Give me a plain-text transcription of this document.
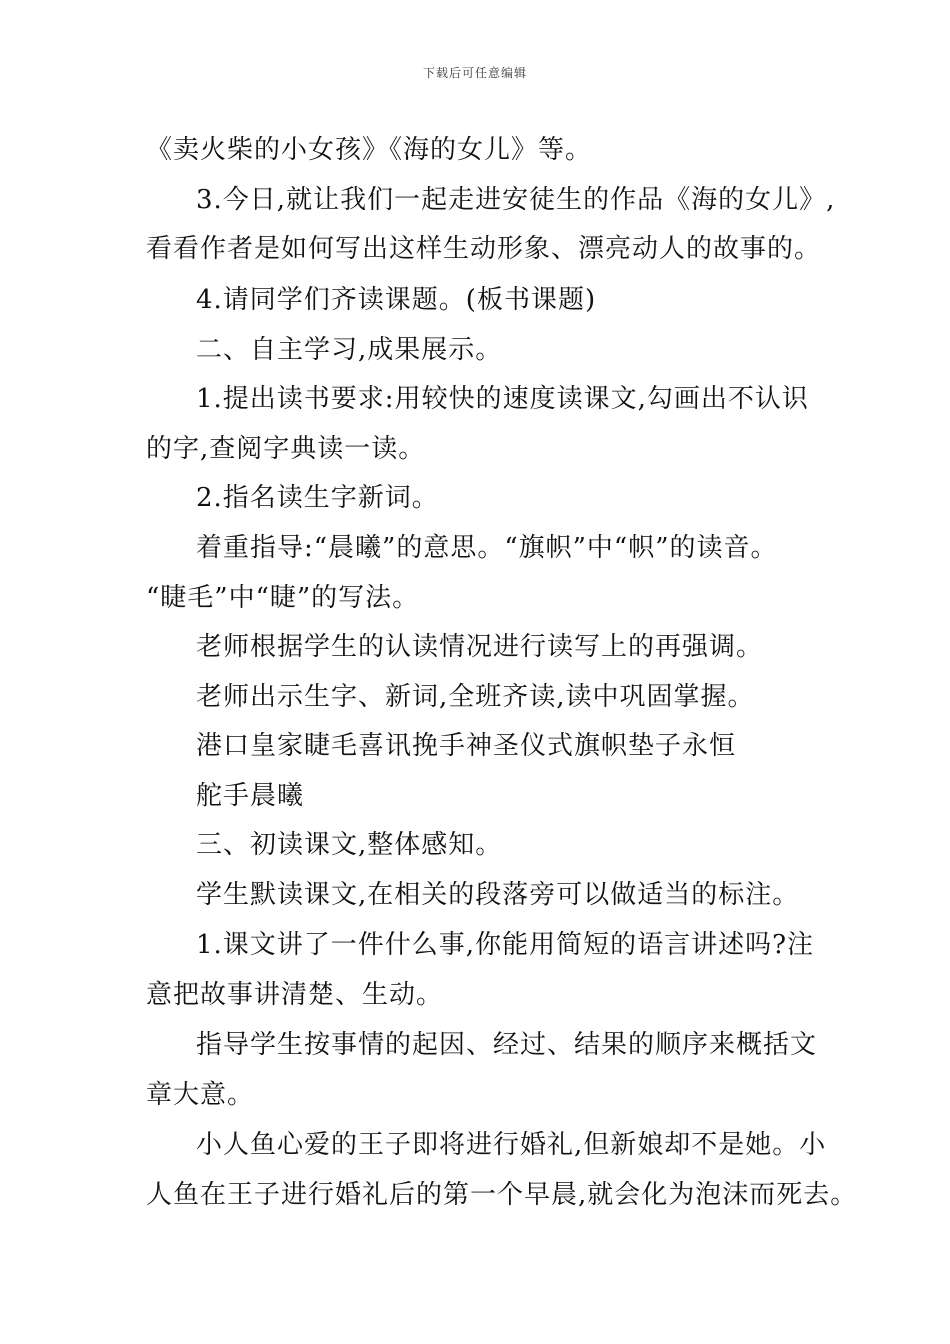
下载后可任意编辑
《卖火柴的小女孩》《海的女儿》等。
3.今日,就让我们一起走进安徒生的作品《海的女儿》,
看看作者是如何写出这样生动形象、漂亮动人的故事的。
4.请同学们齐读课题。(板书课题)
二、自主学习,成果展示。
1.提出读书要求:用较快的速度读课文,勾画出不认识
的字,查阅字典读一读。
2.指名读生字新词。
着重指导:“晨曦”的意思。“旗帜”中“帜”的读音。
“睫毛”中“睫”的写法。
老师根据学生的认读情况进行读写上的再强调。
老师出示生字、新词,全班齐读,读中巩固掌握。
港口皇家睫毛喜讯挽手神圣仪式旗帜垫子永恒
舵手晨曦
三、初读课文,整体感知。
学生默读课文,在相关的段落旁可以做适当的标注。
1.课文讲了一件什么事,你能用简短的语言讲述吗?注
意把故事讲清楚、生动。
指导学生按事情的起因、经过、结果的顺序来概括文
章大意。
小人鱼心爱的王子即将进行婚礼,但新娘却不是她。小
人鱼在王子进行婚礼后的第一个早晨,就会化为泡沫而死去。
